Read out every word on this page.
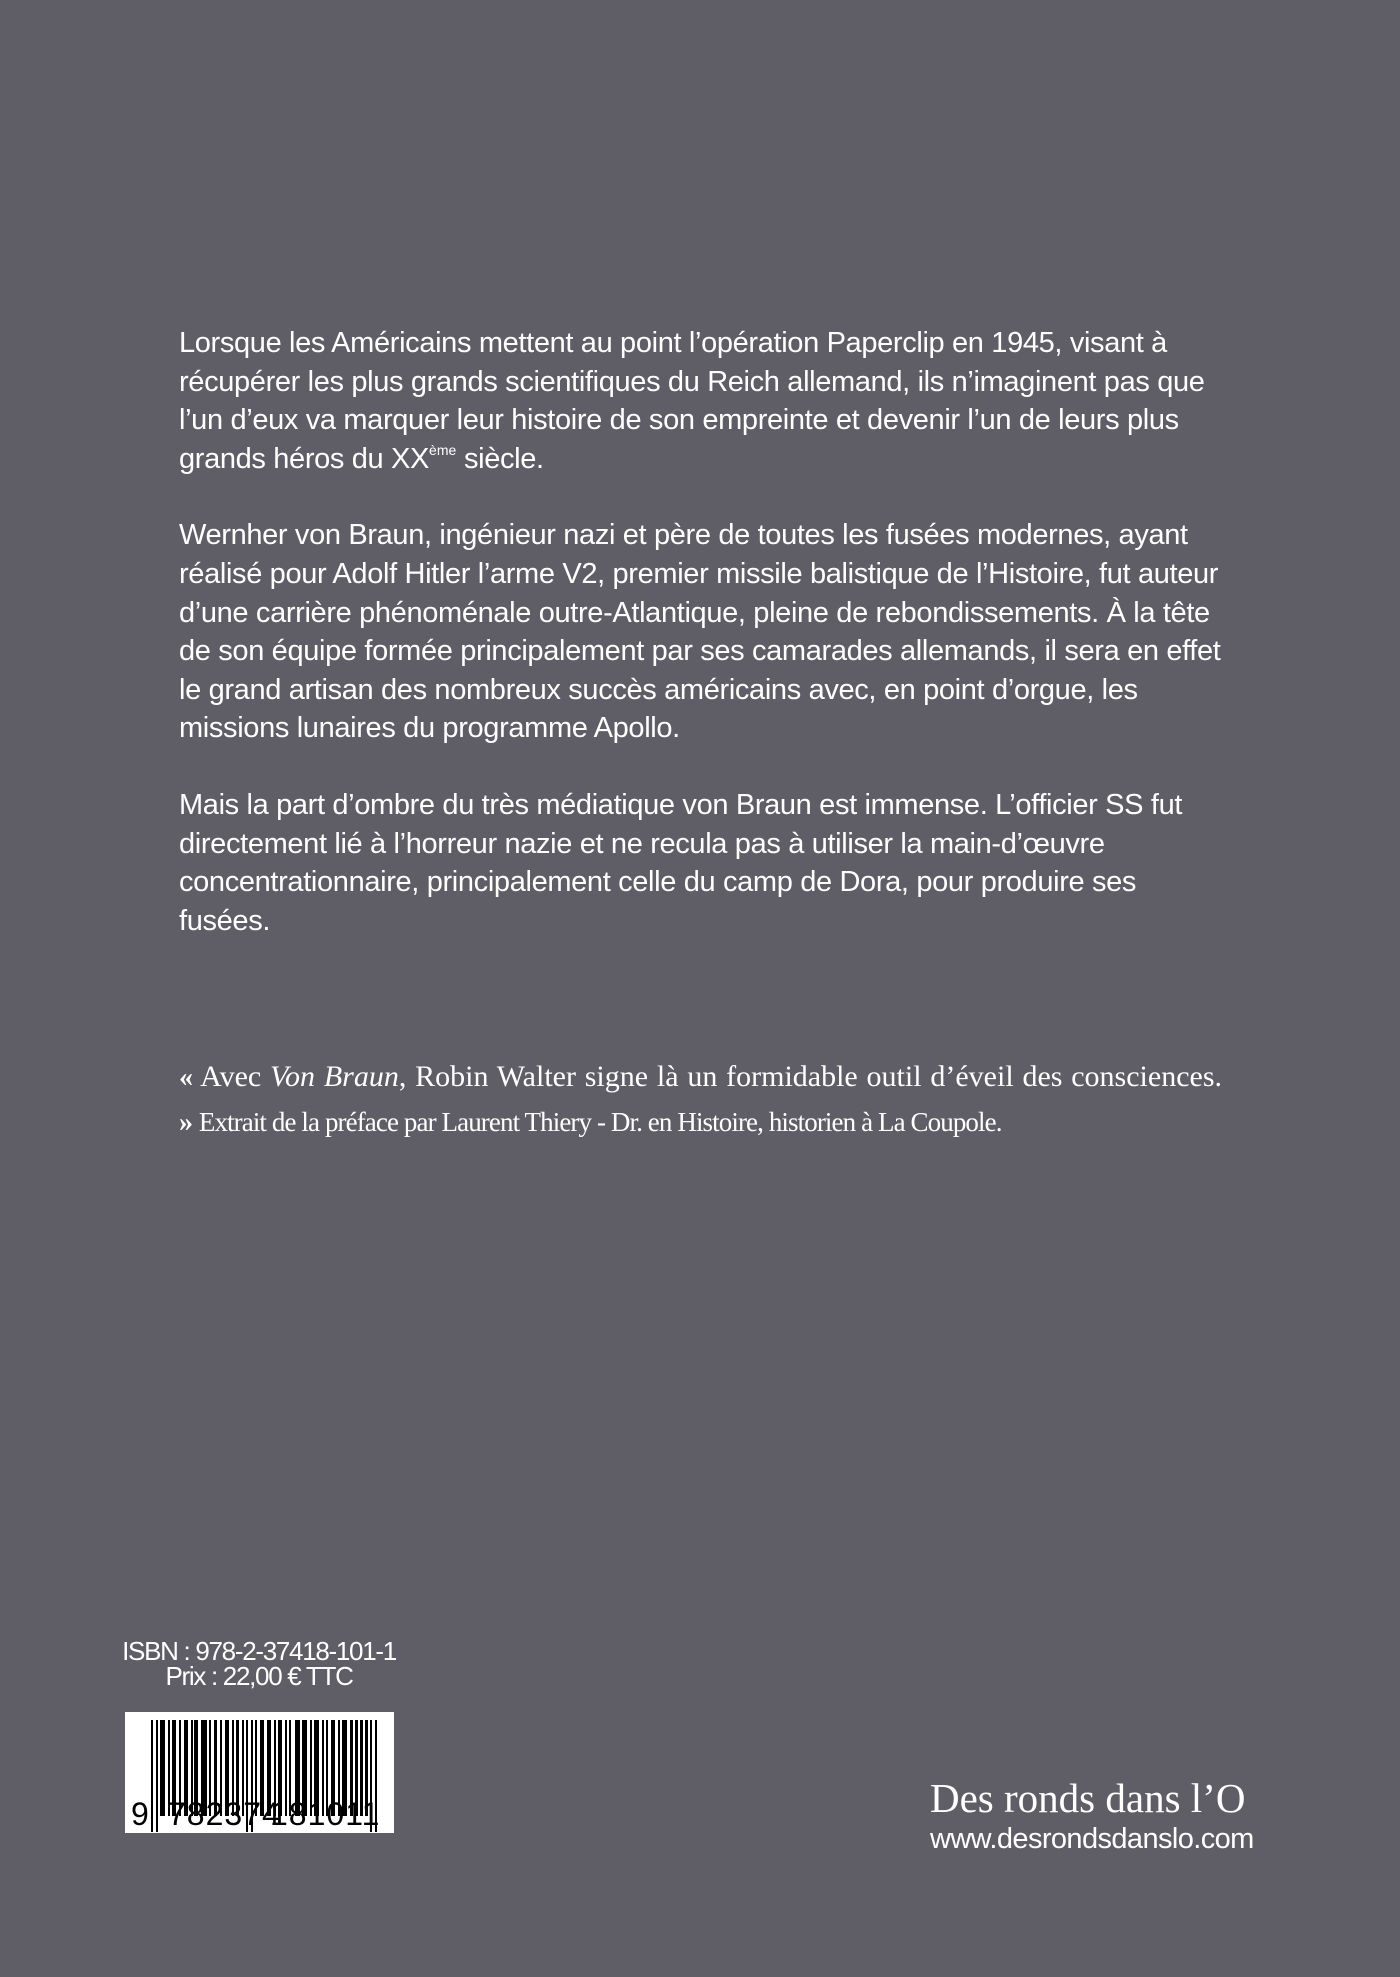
Lorsque les Américains mettent au point l’opération Paperclip en 1945, visant à récupérer les plus grands scientifiques du Reich allemand, ils n’imaginent pas que l’un d’eux va marquer leur histoire de son empreinte et devenir l’un de leurs plus grands héros du XXème siècle.

Wernher von Braun, ingénieur nazi et père de toutes les fusées modernes, ayant réalisé pour Adolf Hitler l’arme V2, premier missile balistique de l’Histoire, fut auteur d’une carrière phénoménale outre-Atlantique, pleine de rebondissements. À la tête de son équipe formée principalement par ses camarades allemands, il sera en effet le grand artisan des nombreux succès américains avec, en point d’orgue, les missions lunaires du programme Apollo.

Mais la part d’ombre du très médiatique von Braun est immense. L’officier SS fut directement lié à l’horreur nazie et ne recula pas à utiliser la main-d’œuvre concentrationnaire, principalement celle du camp de Dora, pour produire ses fusées.

« Avec Von Braun, Robin Walter signe là un formidable outil d’éveil des consciences. » Extrait de la préface par Laurent Thiery - Dr. en Histoire, historien à La Coupole.

ISBN : 978-2-37418-101-1
Prix : 22,00 € TTC
9 782374
181011	Des ronds dans l’O
www.desrondsdanslo.com
